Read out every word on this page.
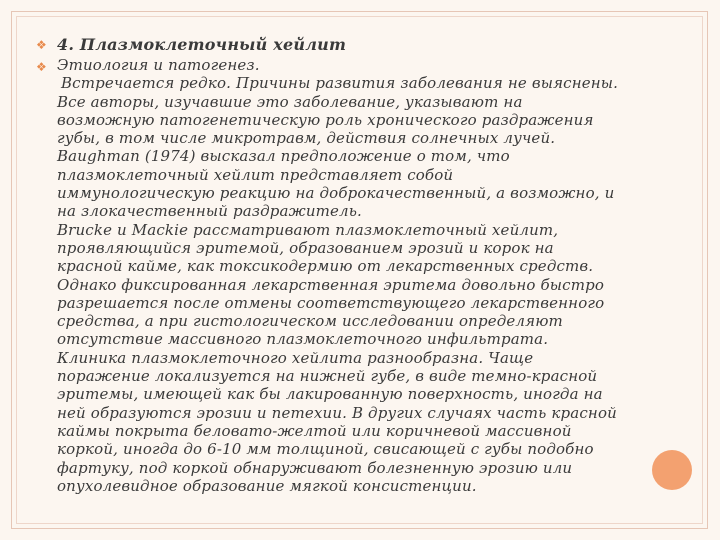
❖ 4. Плазмоклеточный хейлит
❖ Этиология и патогенез.
Встречается редко. Причины развития заболевания не выяснены.
Все авторы, изучавшие это заболевание, указывают на
возможную патогенетическую роль хронического раздражения
губы, в том числе микротравм, действия солнечных лучей.
Baughman (1974) высказал предположение о том, что
плазмоклеточный хейлит представляет собой
иммунологическую реакцию на доброкачественный, а возможно, и
на злокачественный раздражитель.
Brucke и Mackie рассматривают плазмоклеточный хейлит,
проявляющийся эритемой, образованием эрозий и корок на
красной кайме, как токсикодермию от лекарственных средств.
Однако фиксированная лекарственная эритема довольно быстро
разрешается после отмены соответствующего лекарственного
средства, а при гистологическом исследовании определяют
отсутствие массивного плазмоклеточного инфильтрата.
Клиника плазмоклеточного хейлита разнообразна. Чаще
поражение локализуется на нижней губе, в виде темно-красной
эритемы, имеющей как бы лакированную поверхность, иногда на
ней образуются эрозии и петехии. В других случаях часть красной
каймы покрыта беловато-желтой или коричневой массивной
коркой, иногда до 6-10 мм толщиной, свисающей с губы подобно
фартуку, под коркой обнаруживают болезненную эрозию или
опухолевидное образование мягкой консистенции.
